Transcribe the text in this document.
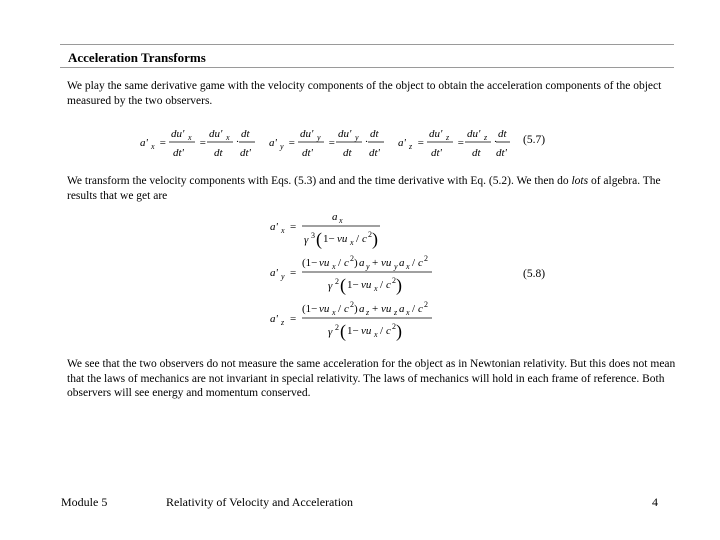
Acceleration Transforms
We play the same derivative game with the velocity components of the object to obtain the acceleration components of the object measured by the two observers.
a' x =
du' x
dt'
=
du' x
dt
·
dt
dt'
a' y =
du' y
dt'
=
du' y
dt
·
dt
dt'
a' z =
du' z
dt'
=
du' z
dt
·
dt
dt'
(5.7)
We transform the velocity components with Eqs. (5.3) and and the time derivative with Eq. (5.2). We then do lots of algebra. The results that we get are
a' x =
a x
γ 3 ( 1− vu x / c 2 )
a' y =
(1− vu x / c 2 ) a y + vu y a x / c 2
γ 2 ( 1− vu x / c 2 )
a' z =
(1− vu x / c 2 ) a z + vu z a x / c 2
γ 2 ( 1− vu x / c 2 )
(5.8)
We see that the two observers do not measure the same acceleration for the object as in Newtonian relativity. But this does not mean that the laws of mechanics are not invariant in special relativity. The laws of mechanics will hold in each frame of reference. Both observers will see energy and momentum conserved.
Module 5	Relativity of Velocity and Acceleration	4
